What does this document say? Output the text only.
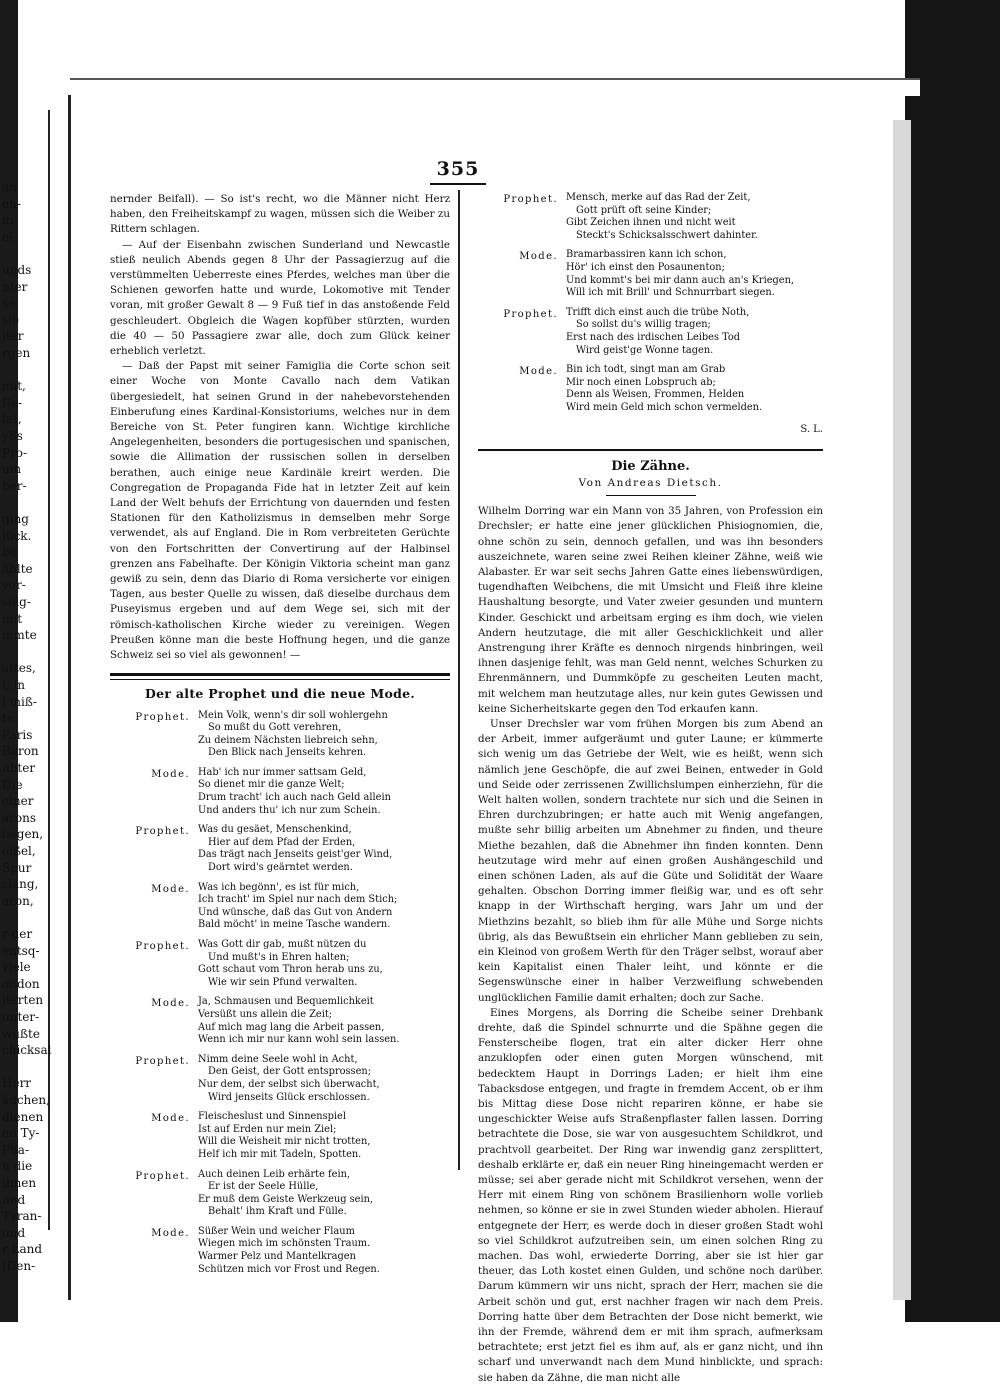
an
eh-
m
el-
unds
nter
se
sie
iter
rgen
mit,
Re-
lat,
yßs
Pro-
um
ber-
ging
lück.
be
ählte
vor-
slag-
mit
mmte
attes,
i, in
l miß-
te.
Paris
Baron
ubter
Die
einer
arons
liegen,
eißel,
Spur
slang,
aron,
r der
entsq-
viele
ondon
iterten
unter-
wußte
chicksal
Herr
ädchen,
dienen
en Ty-
Pha-
n die
ihnen
und
Tyran-
und
r Land
(Den-
355

nernder Beifall). — So ist's recht, wo die Männer nicht Herz haben, den Freiheitskampf zu wagen, müssen sich die Weiber zu Rittern schlagen.

— Auf der Eisenbahn zwischen Sunderland und Newcastle stieß neulich Abends gegen 8 Uhr der Passagierzug auf die verstümmelten Ueberreste eines Pferdes, welches man über die Schienen geworfen hatte und wurde, Lokomotive mit Tender voran, mit großer Gewalt 8 — 9 Fuß tief in das anstoßende Feld geschleudert. Obgleich die Wagen kopfüber stürzten, wurden die 40 — 50 Passagiere zwar alle, doch zum Glück keiner erheblich verletzt.

— Daß der Papst mit seiner Famiglia die Corte schon seit einer Woche von Monte Cavallo nach dem Vatikan übergesiedelt, hat seinen Grund in der nahebevorstehenden Einberufung eines Kardinal-Konsistoriums, welches nur in dem Bereiche von St. Peter fungiren kann. Wichtige kirchliche Angelegenheiten, besonders die portugesischen und spanischen, sowie die Allimation der russischen sollen in derselben berathen, auch einige neue Kardinäle kreirt werden. Die Congregation de Propaganda Fide hat in letzter Zeit auf kein Land der Welt behufs der Errichtung von dauernden und festen Stationen für den Katholizismus in demselben mehr Sorge verwendet, als auf England. Die in Rom verbreiteten Gerüchte von den Fortschritten der Convertirung auf der Halbinsel grenzen ans Fabelhafte. Der Königin Viktoria scheint man ganz gewiß zu sein, denn das Diario di Roma versicherte vor einigen Tagen, aus bester Quelle zu wissen, daß dieselbe durchaus dem Puseyismus ergeben und auf dem Wege sei, sich mit der römisch-katholischen Kirche wieder zu vereinigen. Wegen Preußen könne man die beste Hoffnung hegen, und die ganze Schweiz sei so viel als gewonnen! —

Der alte Prophet und die neue Mode.
Prophet. Mein Volk, wenn's dir soll wohlergehn
So mußt du Gott verehren,
Zu deinem Nächsten liebreich sehn,
Den Blick nach Jenseits kehren.
Mode. Hab' ich nur immer sattsam Geld,
So dienet mir die ganze Welt;
Drum tracht' ich auch nach Geld allein
Und anders thu' ich nur zum Schein.
Prophet. Was du gesäet, Menschenkind,
Hier auf dem Pfad der Erden,
Das trägt nach Jenseits geist'ger Wind,
Dort wird's geärntet werden.
Mode. Was ich begönn', es ist für mich,
Ich tracht' im Spiel nur nach dem Stich;
Und wünsche, daß das Gut von Andern
Bald möcht' in meine Tasche wandern.
Prophet. Was Gott dir gab, mußt nützen du
Und mußt's in Ehren halten;
Gott schaut vom Thron herab uns zu,
Wie wir sein Pfund verwalten.
Mode. Ja, Schmausen und Bequemlichkeit
Versüßt uns allein die Zeit;
Auf mich mag lang die Arbeit passen,
Wenn ich mir nur kann wohl sein lassen.
Prophet. Nimm deine Seele wohl in Acht,
Den Geist, der Gott entsprossen;
Nur dem, der selbst sich überwacht,
Wird jenseits Glück erschlossen.
Mode. Fleischeslust und Sinnenspiel
Ist auf Erden nur mein Ziel;
Will die Weisheit mir nicht trotten,
Helf ich mir mit Tadeln, Spotten.
Prophet. Auch deinen Leib erhärte fein,
Er ist der Seele Hülle,
Er muß dem Geiste Werkzeug sein,
Behalt' ihm Kraft und Fülle.
Mode. Süßer Wein und weicher Flaum
Wiegen mich im schönsten Traum.
Warmer Pelz und Mantelkragen
Schützen mich vor Frost und Regen.
Prophet. Mensch, merke auf das Rad der Zeit,
Gott prüft oft seine Kinder;
Gibt Zeichen ihnen und nicht weit
Steckt's Schicksalsschwert dahinter.
Mode. Bramarbassiren kann ich schon,
Hör' ich einst den Posaunenton;
Und kommt's bei mir dann auch an's Kriegen,
Will ich mit Brill' und Schnurrbart siegen.
Prophet. Trifft dich einst auch die trübe Noth,
So sollst du's willig tragen;
Erst nach des irdischen Leibes Tod
Wird geist'ge Wonne tagen.
Mode. Bin ich todt, singt man am Grab
Mir noch einen Lobspruch ab;
Denn als Weisen, Frommen, Helden
Wird mein Geld mich schon vermelden.
S. L.
Die Zähne.
Von Andreas Dietsch.

Wilhelm Dorring war ein Mann von 35 Jahren, von Profession ein Drechsler; er hatte eine jener glücklichen Phisiognomien, die, ohne schön zu sein, dennoch gefallen, und was ihn besonders auszeichnete, waren seine zwei Reihen kleiner Zähne, weiß wie Alabaster. Er war seit sechs Jahren Gatte eines liebenswürdigen, tugendhaften Weibchens, die mit Umsicht und Fleiß ihre kleine Haushaltung besorgte, und Vater zweier gesunden und muntern Kinder. Geschickt und arbeitsam erging es ihm doch, wie vielen Andern heutzutage, die mit aller Geschicklichkeit und aller Anstrengung ihrer Kräfte es dennoch nirgends hinbringen, weil ihnen dasjenige fehlt, was man Geld nennt, welches Schurken zu Ehrenmännern, und Dummköpfe zu gescheiten Leuten macht, mit welchem man heutzutage alles, nur kein gutes Gewissen und keine Sicherheitskarte gegen den Tod erkaufen kann.

Unser Drechsler war vom frühen Morgen bis zum Abend an der Arbeit, immer aufgeräumt und guter Laune; er kümmerte sich wenig um das Getriebe der Welt, wie es heißt, wenn sich nämlich jene Geschöpfe, die auf zwei Beinen, entweder in Gold und Seide oder zerrissenen Zwillichslumpen einherziehn, für die Welt halten wollen, sondern trachtete nur sich und die Seinen in Ehren durchzubringen; er hatte auch mit Wenig angefangen, mußte sehr billig arbeiten um Abnehmer zu finden, und theure Miethe bezahlen, daß die Abnehmer ihn finden konnten. Denn heutzutage wird mehr auf einen großen Aushängeschild und einen schönen Laden, als auf die Güte und Solidität der Waare gehalten. Obschon Dorring immer fleißig war, und es oft sehr knapp in der Wirthschaft herging, wars Jahr um und der Miethzins bezahlt, so blieb ihm für alle Mühe und Sorge nichts übrig, als das Bewußtsein ein ehrlicher Mann geblieben zu sein, ein Kleinod von großem Werth für den Träger selbst, worauf aber kein Kapitalist einen Thaler leiht, und könnte er die Segenswünsche einer in halber Verzweiflung schwebenden unglücklichen Familie damit erhalten; doch zur Sache.

Eines Morgens, als Dorring die Scheibe seiner Drehbank drehte, daß die Spindel schnurrte und die Spähne gegen die Fensterscheibe flogen, trat ein alter dicker Herr ohne anzuklopfen oder einen guten Morgen wünschend, mit bedecktem Haupt in Dorrings Laden; er hielt ihm eine Tabacksdose entgegen, und fragte in fremdem Accent, ob er ihm bis Mittag diese Dose nicht repariren könne, er habe sie ungeschickter Weise aufs Straßenpflaster fallen lassen. Dorring betrachtete die Dose, sie war von ausgesuchtem Schildkrot, und prachtvoll gearbeitet. Der Ring war inwendig ganz zersplittert, deshalb erklärte er, daß ein neuer Ring hineingemacht werden er müsse; sei aber gerade nicht mit Schildkrot versehen, wenn der Herr mit einem Ring von schönem Brasilienhorn wolle vorlieb nehmen, so könne er sie in zwei Stunden wieder abholen. Hierauf entgegnete der Herr, es werde doch in dieser großen Stadt wohl so viel Schildkrot aufzutreiben sein, um einen solchen Ring zu machen. Das wohl, erwiederte Dorring, aber sie ist hier gar theuer, das Loth kostet einen Gulden, und schöne noch darüber. Darum kümmern wir uns nicht, sprach der Herr, machen sie die Arbeit schön und gut, erst nachher fragen wir nach dem Preis. Dorring hatte über dem Betrachten der Dose nicht bemerkt, wie ihn der Fremde, während dem er mit ihm sprach, aufmerksam betrachtete; erst jetzt fiel es ihm auf, als er ganz nicht, und ihn scharf und unverwandt nach dem Mund hinblickte, und sprach: sie haben da Zähne, die man nicht alle
